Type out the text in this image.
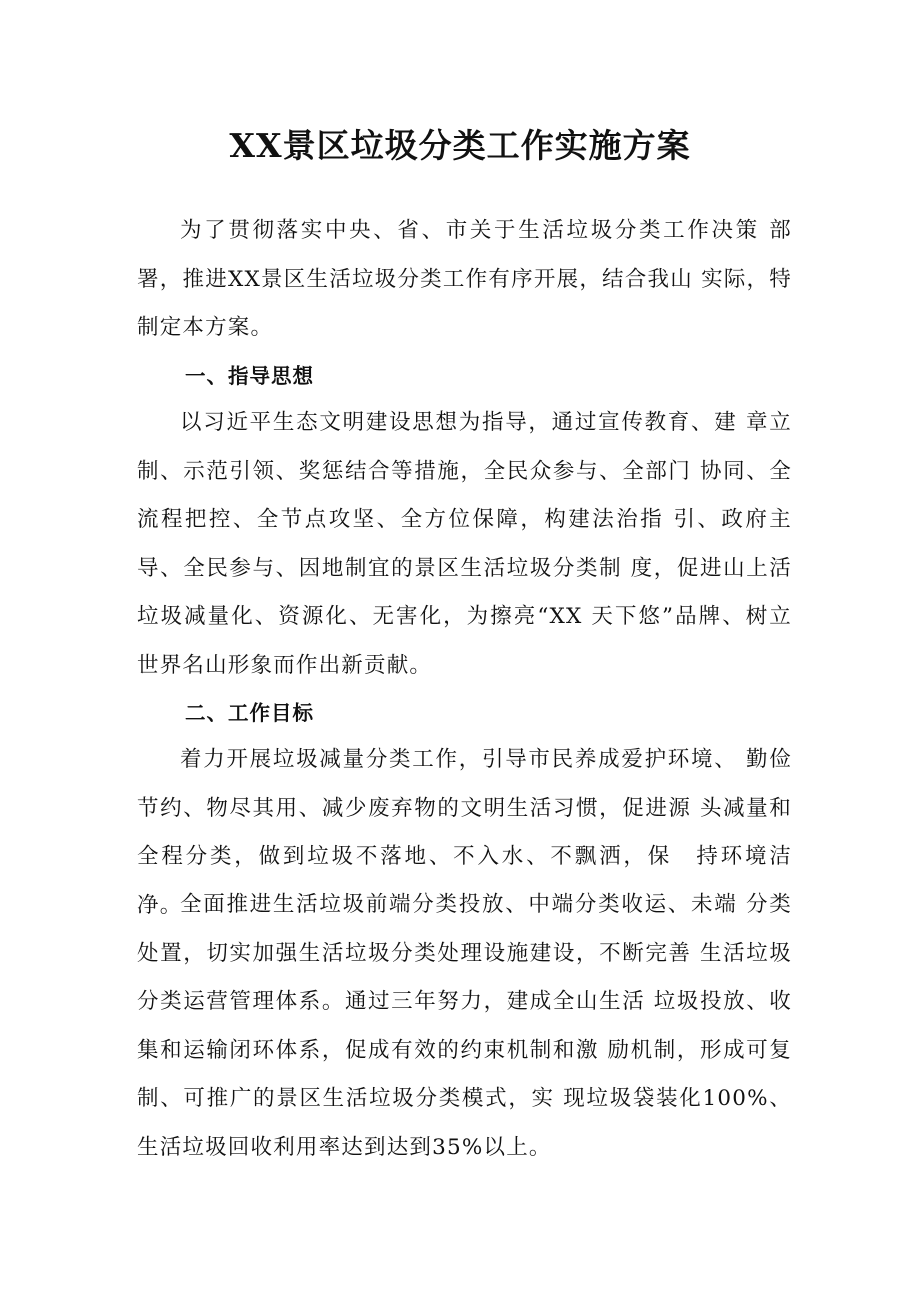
XX景区垃圾分类工作实施方案

为了贯彻落实中央、省、市关于生活垃圾分类工作决策 部署，推进XX景区生活垃圾分类工作有序开展，结合我山 实际，特制定本方案。

一、指导思想

以习近平生态文明建设思想为指导，通过宣传教育、建 章立制、示范引领、奖惩结合等措施，全民众参与、全部门 协同、全流程把控、全节点攻坚、全方位保障，构建法治指 引、政府主导、全民参与、因地制宜的景区生活垃圾分类制 度，促进山上活垃圾减量化、资源化、无害化，为擦亮“XX 天下悠”品牌、树立世界名山形象而作出新贡献。

二、工作目标

着力开展垃圾减量分类工作，引导市民养成爱护环境、 勤俭节约、物尽其用、减少废弃物的文明生活习惯，促进源 头减量和全程分类，做到垃圾不落地、不入水、不飘洒，保　持环境洁净。

全面推进生活垃圾前端分类投放、中端分类收运、未端 分类处置，切实加强生活垃圾分类处理设施建设，不断完善 生活垃圾分类运营管理体系。通过三年努力，建成全山生活 垃圾投放、收集和运输闭环体系，促成有效的约束机制和激 励机制，形成可复制、可推广的景区生活垃圾分类模式，实 现垃圾袋装化100%、生活垃圾回收利用率达到达到35%以上。
